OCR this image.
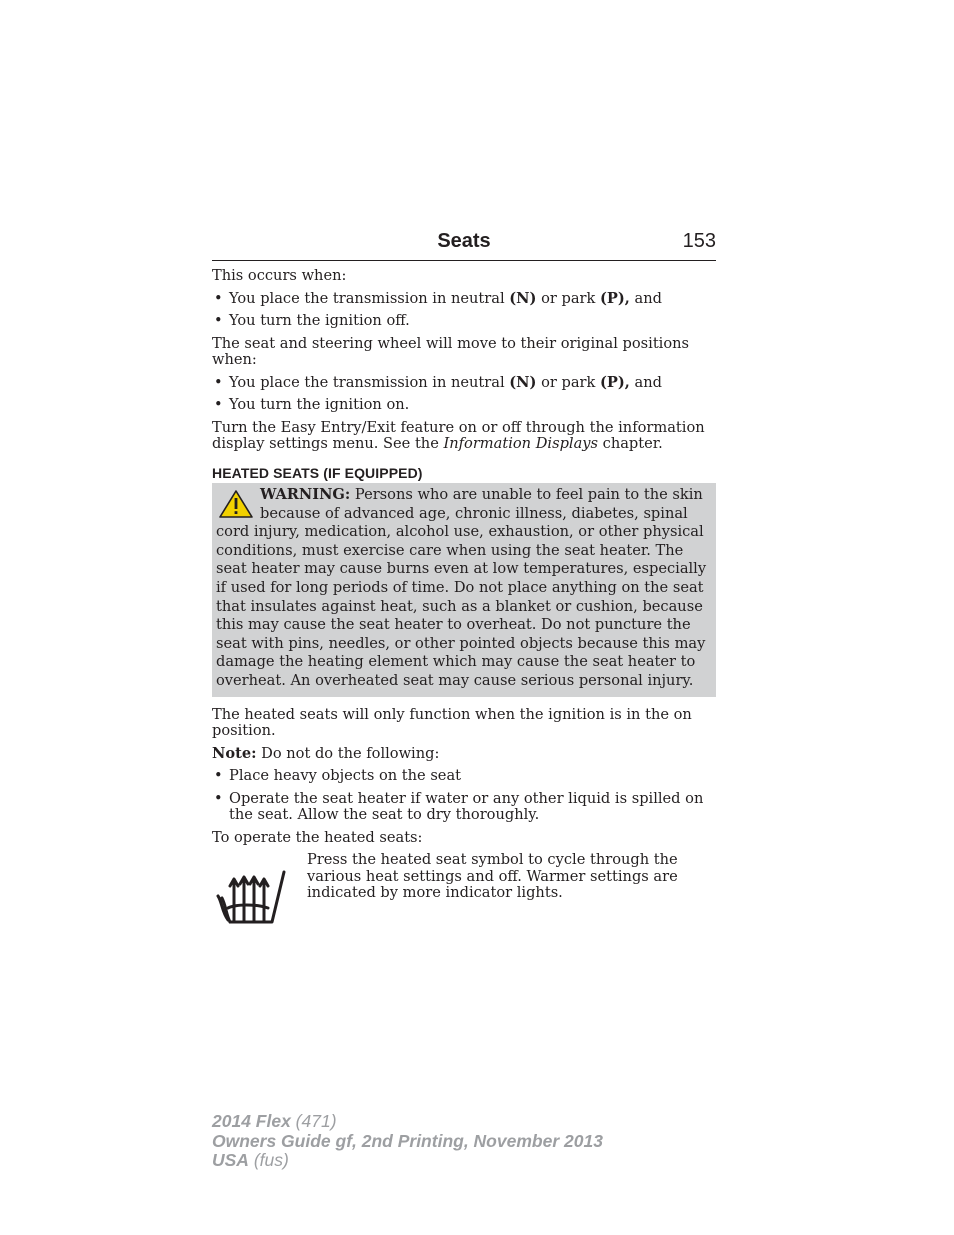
Seats	153

This occurs when:

• You place the transmission in neutral (N) or park (P), and
• You turn the ignition off.

The seat and steering wheel will move to their original positions when:

• You place the transmission in neutral (N) or park (P), and
• You turn the ignition on.

Turn the Easy Entry/Exit feature on or off through the information display settings menu. See the Information Displays chapter.

HEATED SEATS (IF EQUIPPED)
WARNING: Persons who are unable to feel pain to the skin because of advanced age, chronic illness, diabetes, spinal cord injury, medication, alcohol use, exhaustion, or other physical conditions, must exercise care when using the seat heater. The seat heater may cause burns even at low temperatures, especially if used for long periods of time. Do not place anything on the seat that insulates against heat, such as a blanket or cushion, because this may cause the seat heater to overheat. Do not puncture the seat with pins, needles, or other pointed objects because this may damage the heating element which may cause the seat heater to overheat. An overheated seat may cause serious personal injury.

The heated seats will only function when the ignition is in the on position.

Note: Do not do the following:

• Place heavy objects on the seat
• Operate the seat heater if water or any other liquid is spilled on the seat. Allow the seat to dry thoroughly.

To operate the heated seats:

Press the heated seat symbol to cycle through the various heat settings and off. Warmer settings are indicated by more indicator lights.
2014 Flex (471)
Owners Guide gf, 2nd Printing, November 2013
USA (fus)
